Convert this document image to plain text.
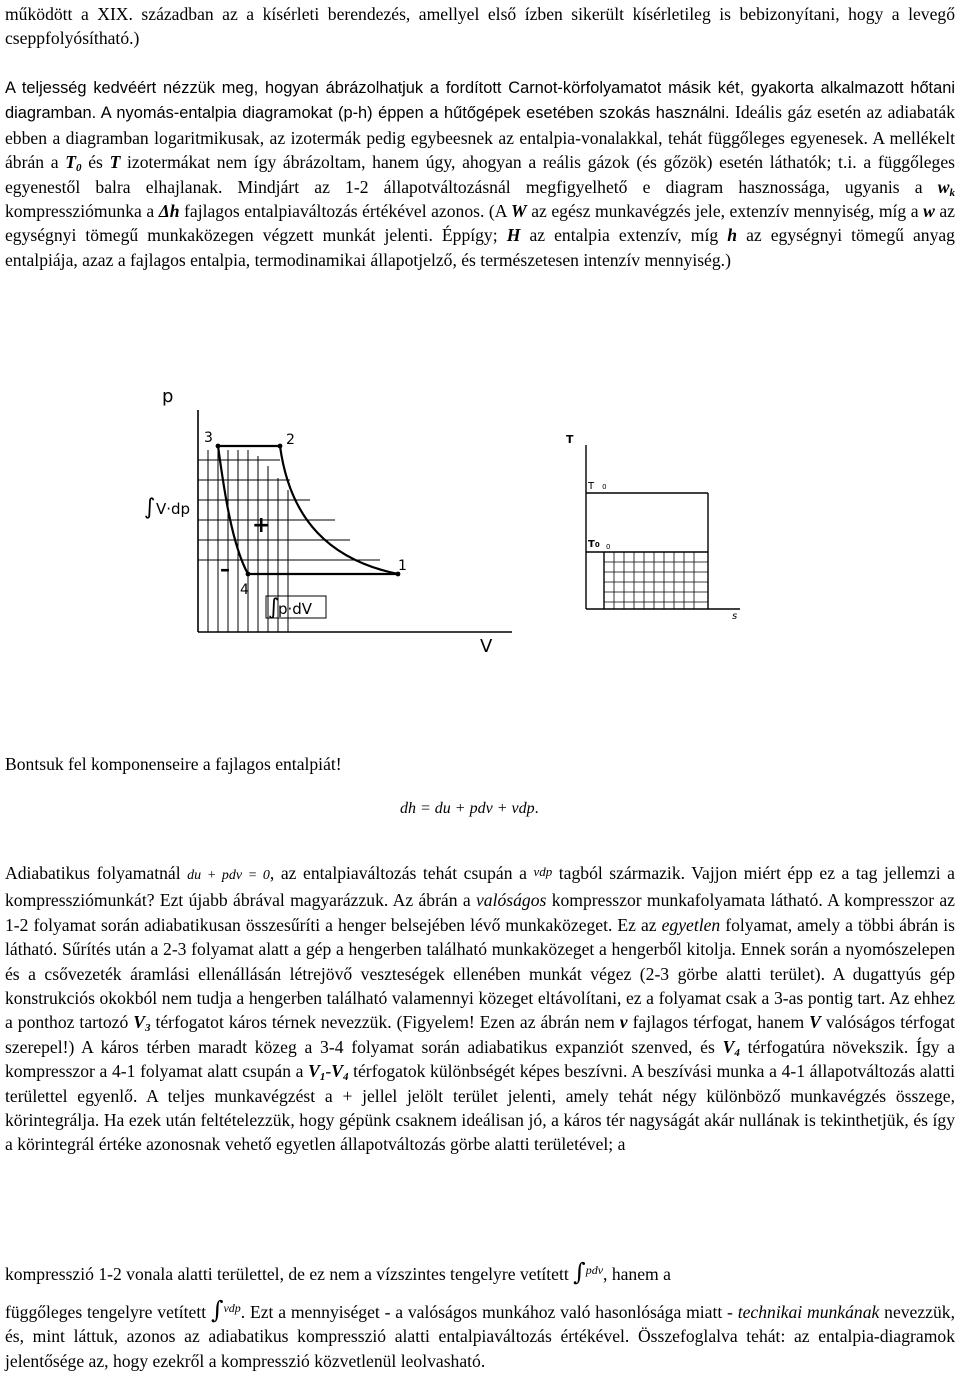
működött a XIX. században az a kísérleti berendezés, amellyel első ízben sikerült kísérletileg is bebizonyítani, hogy a levegő cseppfolyósítható.)

A teljesség kedvéért nézzük meg, hogyan ábrázolhatjuk a fordított Carnot-körfolyamatot másik két, gyakorta alkalmazott hőtani diagramban. A nyomás-entalpia diagramokat (p-h) éppen a hűtőgépek esetében szokás használni. Ideális gáz esetén az adiabaták ebben a diagramban logaritmikusak, az izotermák pedig egybeesnek az entalpia-vonalakkal, tehát függőleges egyenesek. A mellékelt ábrán a $T_0$ és T izotermákat nem így ábrázoltam, hanem úgy, ahogyan a reális gázok (és gőzök) esetén láthatók; t.i. a függőleges egyenestől balra elhajlanak. Mindjárt az 1-2 állapotváltozásnál megfigyelhető e diagram hasznossága, ugyanis a $w_k$ kompressziómunka a Δh fajlagos entalpiaváltozás értékével azonos. (A W az egész munkavégzés jele, extenzív mennyiség, míg a w az egységnyi tömegű munkaközegen végzett munkát jelenti. Éppígy; H az entalpia extenzív, míg h az egységnyi tömegű anyag entalpiája, azaz a fajlagos entalpia, termodinamikai állapotjelző, és természetesen intenzív mennyiség.)

p
V
3	2
4
1
∫ V·dp
∫
p·dV
+
–
T
s
T 0
T0 0

Bontsuk fel komponenseire a fajlagos entalpiát!

dh = du + pdv + vdp.

Adiabatikus folyamatnál du + pdv = 0, az entalpiaváltozás tehát csupán a vdp tagból származik. Vajjon miért épp ez a tag jellemzi a kompressziómunkát? Ezt újabb ábrával magyarázzuk. Az ábrán a valóságos kompresszor munkafolyamata látható. A kompresszor az 1-2 folyamat során adiabatikusan összesűríti a henger belsejében lévő munkaközeget. Ez az egyetlen folyamat, amely a többi ábrán is látható. Sűrítés után a 2-3 folyamat alatt a gép a hengerben található munkaközeget a hengerből kitolja. Ennek során a nyomószelepen és a csővezeték áramlási ellenállásán létrejövő veszteségek ellenében munkát végez (2-3 görbe alatti terület). A dugattyús gép konstrukciós okokból nem tudja a hengerben található valamennyi közeget eltávolítani, ez a folyamat csak a 3-as pontig tart. Az ehhez a ponthoz tartozó $V_3$ térfogatot káros térnek nevezzük. (Figyelem! Ezen az ábrán nem v fajlagos térfogat, hanem V valóságos térfogat szerepel!) A káros térben maradt közeg a 3-4 folyamat során adiabatikus expanziót szenved, és $V_4$ térfogatúra növekszik. Így a kompresszor a 4-1 folyamat alatt csupán a $V_1-V_4$ térfogatok különbségét képes beszívni. A beszívási munka a 4-1 állapotváltozás alatti területtel egyenlő. A teljes munkavégzést a + jellel jelölt terület jelenti, amely tehát négy különböző munkavégzés összege, körintegrálja. Ha ezek után feltételezzük, hogy gépünk csaknem ideálisan jó, a káros tér nagyságát akár nullának is tekinthetjük, és így a körintegrál értéke azonosnak vehető egyetlen állapotváltozás görbe alatti területével; a

kompresszió 1-2 vonala alatti területtel, de ez nem a vízszintes tengelyre vetített ∫$^{pdv}$, hanem a

függőleges tengelyre vetített ∫$^{vdp}$. Ezt a mennyiséget - a valóságos munkához való hasonlósága miatt - technikai munkának nevezzük, és, mint láttuk, azonos az adiabatikus kompresszió alatti entalpiaváltozás értékével. Összefoglalva tehát: az entalpia-diagramok jelentősége az, hogy ezekről a kompresszió közvetlenül leolvasható.
